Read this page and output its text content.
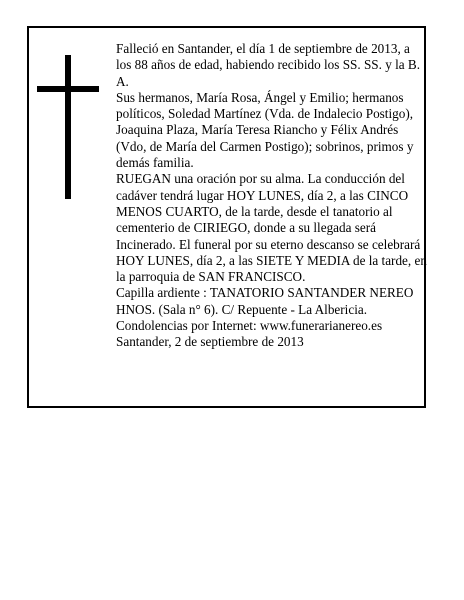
Falleció en Santander, el día 1 de septiembre de 2013, a los 88 años de edad, habiendo recibido los SS. SS. y la B. A.

Sus hermanos, María Rosa, Ángel y Emilio; hermanos políticos, Soledad Martínez (Vda. de Indalecio Postigo), Joaquina Plaza, María Teresa Riancho y Félix Andrés (Vdo, de María del Carmen Postigo); sobrinos, primos y demás familia.

RUEGAN una oración por su alma. La conducción del cadáver tendrá lugar HOY LUNES, día 2, a las CINCO MENOS CUARTO, de la tarde, desde el tanatorio al cementerio de CIRIEGO, donde a su llegada será Incinerado. El funeral por su eterno descanso se celebrará HOY LUNES, día 2, a las SIETE Y MEDIA de la tarde, en la parroquia de SAN FRANCISCO.

Capilla ardiente : TANATORIO SANTANDER NEREO HNOS. (Sala n° 6). C/ Repuente - La Albericia.

Condolencias por Internet: www.funerarianereo.es

Santander, 2 de septiembre de 2013
